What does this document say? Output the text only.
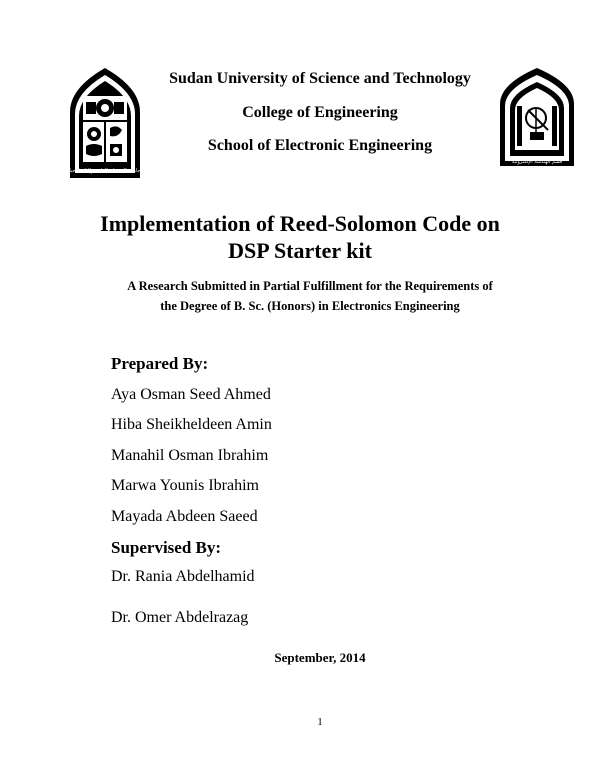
جامعة السودان للعلوم والتكنولوجيا
قسم الهندسة الإلكترونية
Sudan University of Science and Technology
College of Engineering
School of Electronic Engineering
Implementation of Reed-Solomon Code on
DSP Starter kit
A Research Submitted in Partial Fulfillment for the Requirements of
the Degree of B. Sc. (Honors) in Electronics Engineering
Prepared By:
Aya Osman Seed Ahmed
Hiba Sheikheldeen Amin
Manahil Osman Ibrahim
Marwa Younis Ibrahim
Mayada Abdeen Saeed
Supervised By:
Dr. Rania Abdelhamid
Dr. Omer Abdelrazag
September, 2014
1
